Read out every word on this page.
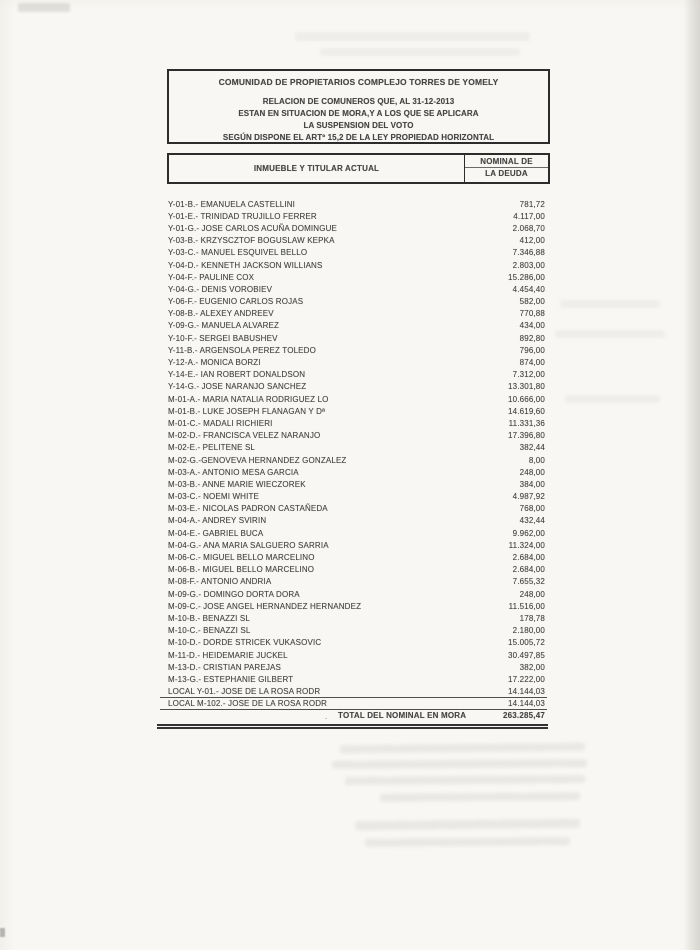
COMUNIDAD DE PROPIETARIOS COMPLEJO TORRES DE YOMELY
RELACION DE COMUNEROS QUE, AL 31-12-2013
ESTAN EN SITUACION DE MORA,Y A LOS QUE SE APLICARA
LA SUSPENSION DEL VOTO
SEGÚN DISPONE EL ARTº 15,2 DE LA LEY PROPIEDAD HORIZONTAL
INMUEBLE Y TITULAR ACTUAL
NOMINAL DE
LA DEUDA
Y-01-B.- EMANUELA CASTELLINI	781,72
Y-01-E.- TRINIDAD TRUJILLO FERRER	4.117,00
Y-01-G.- JOSE CARLOS ACUÑA DOMINGUE	2.068,70
Y-03-B.- KRZYSCZTOF BOGUSLAW KEPKA	412,00
Y-03-C.- MANUEL ESQUIVEL BELLO	7.346,88
Y-04-D.- KENNETH JACKSON WILLIANS	2.803,00
Y-04-F.- PAULINE COX	15.286,00
Y-04-G.- DENIS VOROBIEV	4.454,40
Y-06-F.- EUGENIO CARLOS ROJAS	582,00
Y-08-B.- ALEXEY ANDREEV	770,88
Y-09-G.- MANUELA ALVAREZ	434,00
Y-10-F.- SERGEI BABUSHEV	892,80
Y-11-B.- ARGENSOLA PEREZ TOLEDO	796,00
Y-12-A.- MONICA BORZI	874,00
Y-14-E.- IAN ROBERT DONALDSON	7.312,00
Y-14-G.- JOSE NARANJO SANCHEZ	13.301,80
M-01-A.- MARIA NATALIA RODRIGUEZ LO	10.666,00
M-01-B.- LUKE JOSEPH FLANAGAN Y Dª	14.619,60
M-01-C.- MADALI RICHIERI	11.331,36
M-02-D.- FRANCISCA VELEZ NARANJO	17.396,80
M-02-E.- PELITENE SL	382,44
M-02-G.-GENOVEVA HERNANDEZ GONZALEZ	8,00
M-03-A.- ANTONIO MESA GARCIA	248,00
M-03-B.- ANNE MARIE WIECZOREK	384,00
M-03-C.- NOEMI WHITE	4.987,92
M-03-E.- NICOLAS PADRON CASTAÑEDA	768,00
M-04-A.- ANDREY SVIRIN	432,44
M-04-E.- GABRIEL BUCA	9.962,00
M-04-G.- ANA MARIA SALGUERO SARRIA	11.324,00
M-06-C.- MIGUEL BELLO MARCELINO	2.684,00
M-06-B.- MIGUEL BELLO MARCELINO	2.684,00
M-08-F.- ANTONIO ANDRIA	7.655,32
M-09-G.- DOMINGO DORTA DORA	248,00
M-09-C.- JOSE ANGEL HERNANDEZ HERNANDEZ	11.516,00
M-10-B.- BENAZZI SL	178,78
M-10-C.- BENAZZI SL	2.180,00
M-10-D.- DORDE STRICEK VUKASOVIC	15.005,72
M-11-D.- HEIDEMARIE JUCKEL	30.497,85
M-13-D.- CRISTIAN PAREJAS	382,00
M-13-G.- ESTEPHANIE GILBERT	17.222,00
LOCAL Y-01.- JOSE DE LA ROSA RODR	14.144,03
LOCAL M-102.- JOSE DE LA ROSA RODR	14.144,03
. TOTAL DEL NOMINAL EN MORA	263.285,47
